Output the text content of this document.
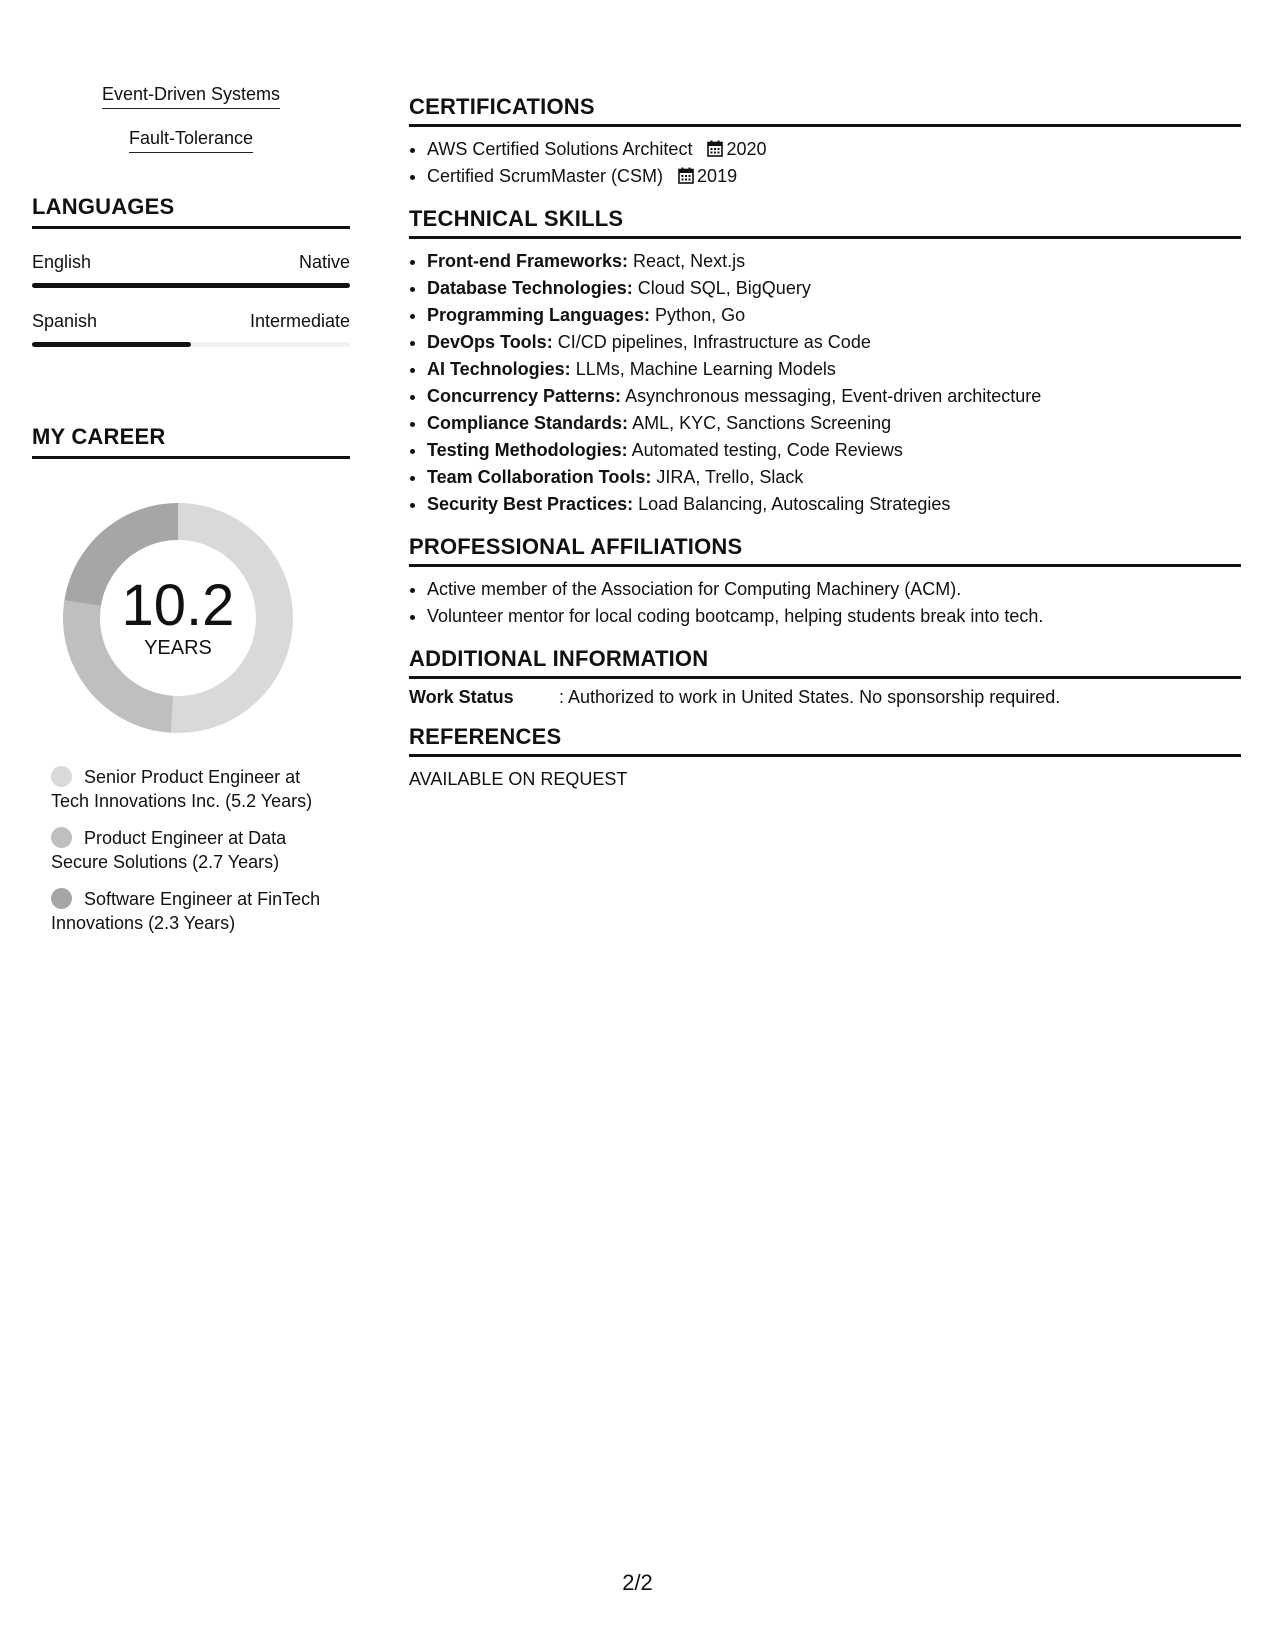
Event-Driven Systems
Fault-Tolerance
LANGUAGES
English	Native
Spanish	Intermediate
MY CAREER
10.2
YEARS
Senior Product Engineer at Tech Innovations Inc. (5.2 Years)
Product Engineer at Data Secure Solutions (2.7 Years)
Software Engineer at FinTech Innovations (2.3 Years)
CERTIFICATIONS
• AWS Certified Solutions Architect 2020
• Certified ScrumMaster (CSM) 2019
TECHNICAL SKILLS
• Front-end Frameworks: React, Next.js
• Database Technologies: Cloud SQL, BigQuery
• Programming Languages: Python, Go
• DevOps Tools: CI/CD pipelines, Infrastructure as Code
• AI Technologies: LLMs, Machine Learning Models
• Concurrency Patterns: Asynchronous messaging, Event-driven architecture
• Compliance Standards: AML, KYC, Sanctions Screening
• Testing Methodologies: Automated testing, Code Reviews
• Team Collaboration Tools: JIRA, Trello, Slack
• Security Best Practices: Load Balancing, Autoscaling Strategies
PROFESSIONAL AFFILIATIONS
• Active member of the Association for Computing Machinery (ACM).
• Volunteer mentor for local coding bootcamp, helping students break into tech.
ADDITIONAL INFORMATION
Work Status	: Authorized to work in United States. No sponsorship required.
REFERENCES
AVAILABLE ON REQUEST
2/2
